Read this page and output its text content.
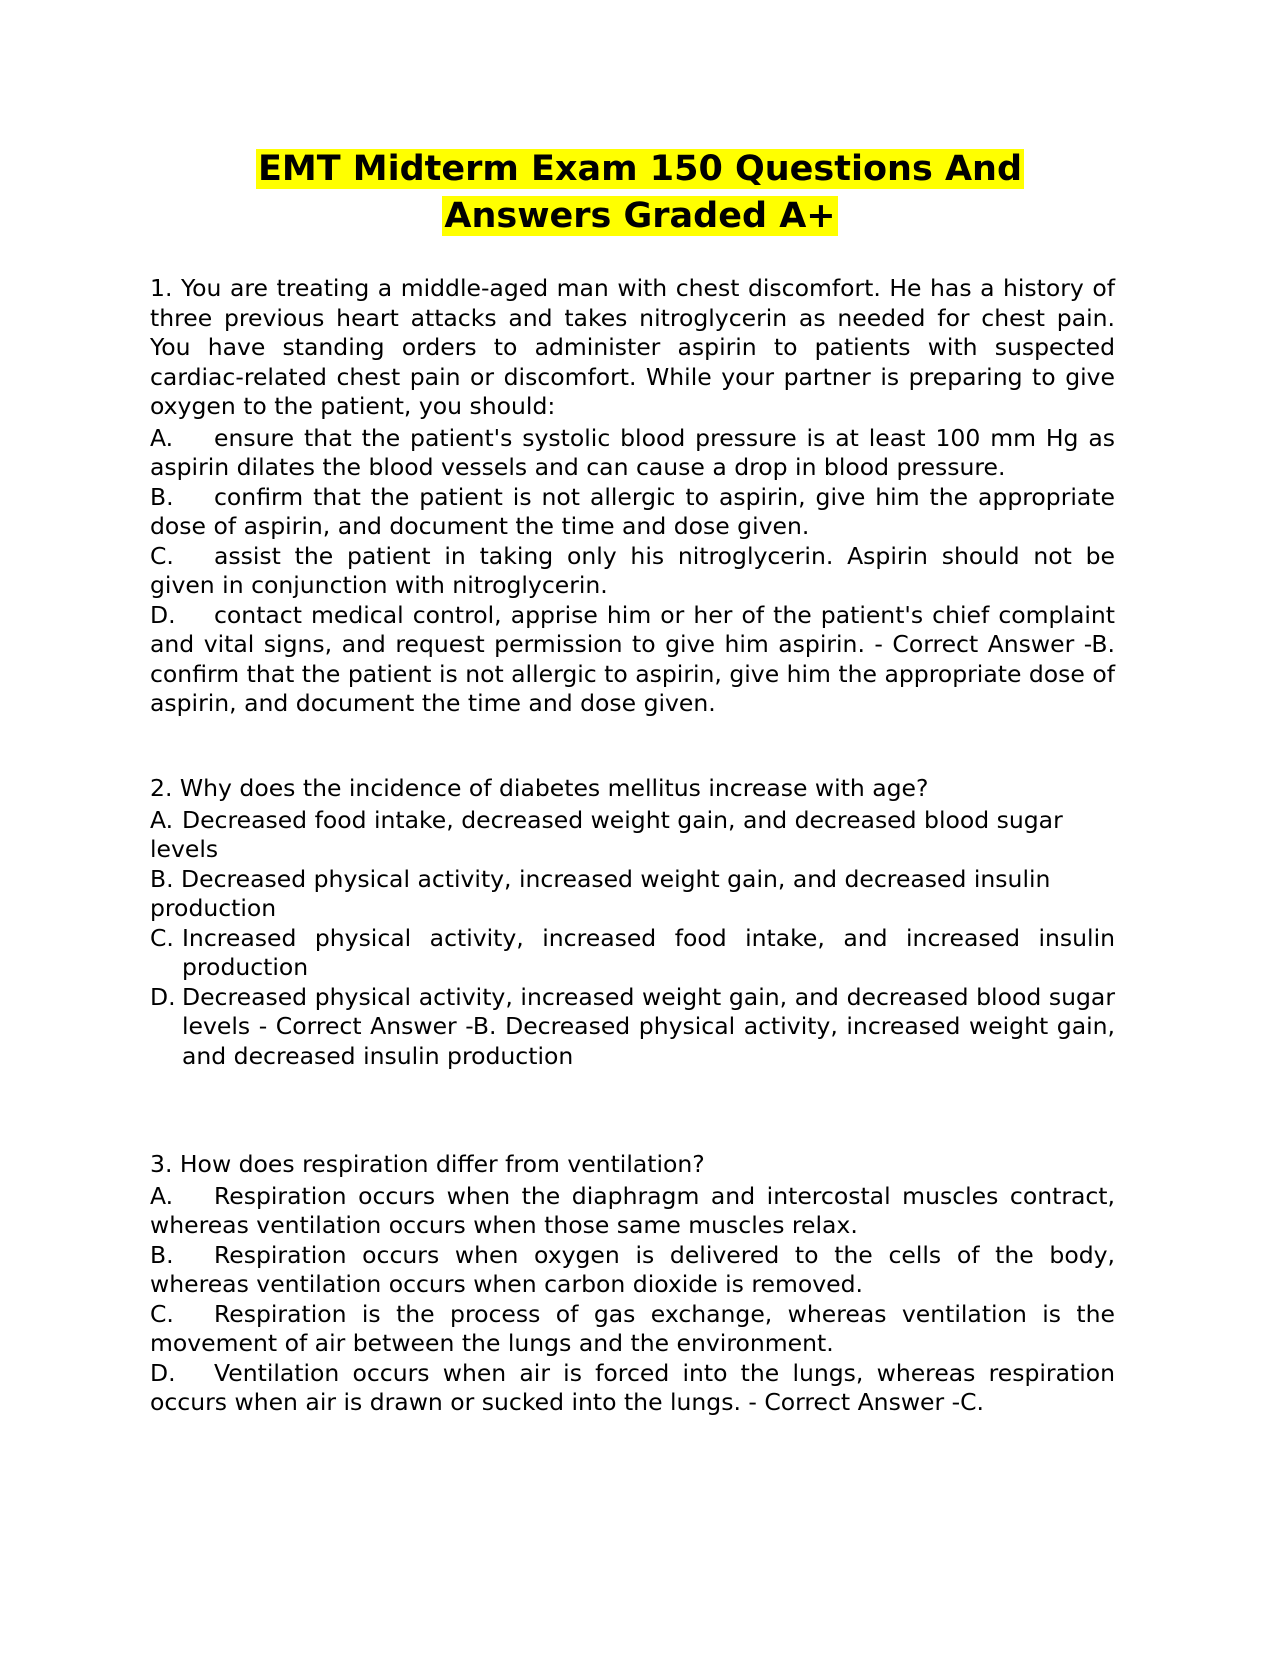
EMT Midterm Exam 150 Questions And
Answers Graded A+

1. You are treating a middle-aged man with chest discomfort. He has a history of three previous heart attacks and takes nitroglycerin as needed for chest pain. You have standing orders to administer aspirin to patients with suspected cardiac-related chest pain or discomfort. While your partner is preparing to give oxygen to the patient, you should:

A. ensure that the patient's systolic blood pressure is at least 100 mm Hg as aspirin dilates the blood vessels and can cause a drop in blood pressure.

B. confirm that the patient is not allergic to aspirin, give him the appropriate dose of aspirin, and document the time and dose given.

C. assist the patient in taking only his nitroglycerin. Aspirin should not be given in conjunction with nitroglycerin.

D. contact medical control, apprise him or her of the patient's chief complaint and vital signs, and request permission to give him aspirin. - Correct Answer -B. confirm that the patient is not allergic to aspirin, give him the appropriate dose of aspirin, and document the time and dose given.

2. Why does the incidence of diabetes mellitus increase with age?

A. Decreased food intake, decreased weight gain, and decreased blood sugar

levels

B. Decreased physical activity, increased weight gain, and decreased insulin

production

C. Increased physical activity, increased food intake, and increased insulin production

D. Decreased physical activity, increased weight gain, and decreased blood sugar levels - Correct Answer -B. Decreased physical activity, increased weight gain, and decreased insulin production

3. How does respiration differ from ventilation?

A. Respiration occurs when the diaphragm and intercostal muscles contract, whereas ventilation occurs when those same muscles relax.

B. Respiration occurs when oxygen is delivered to the cells of the body, whereas ventilation occurs when carbon dioxide is removed.

C. Respiration is the process of gas exchange, whereas ventilation is the movement of air between the lungs and the environment.

D. Ventilation occurs when air is forced into the lungs, whereas respiration occurs when air is drawn or sucked into the lungs. - Correct Answer -C.
